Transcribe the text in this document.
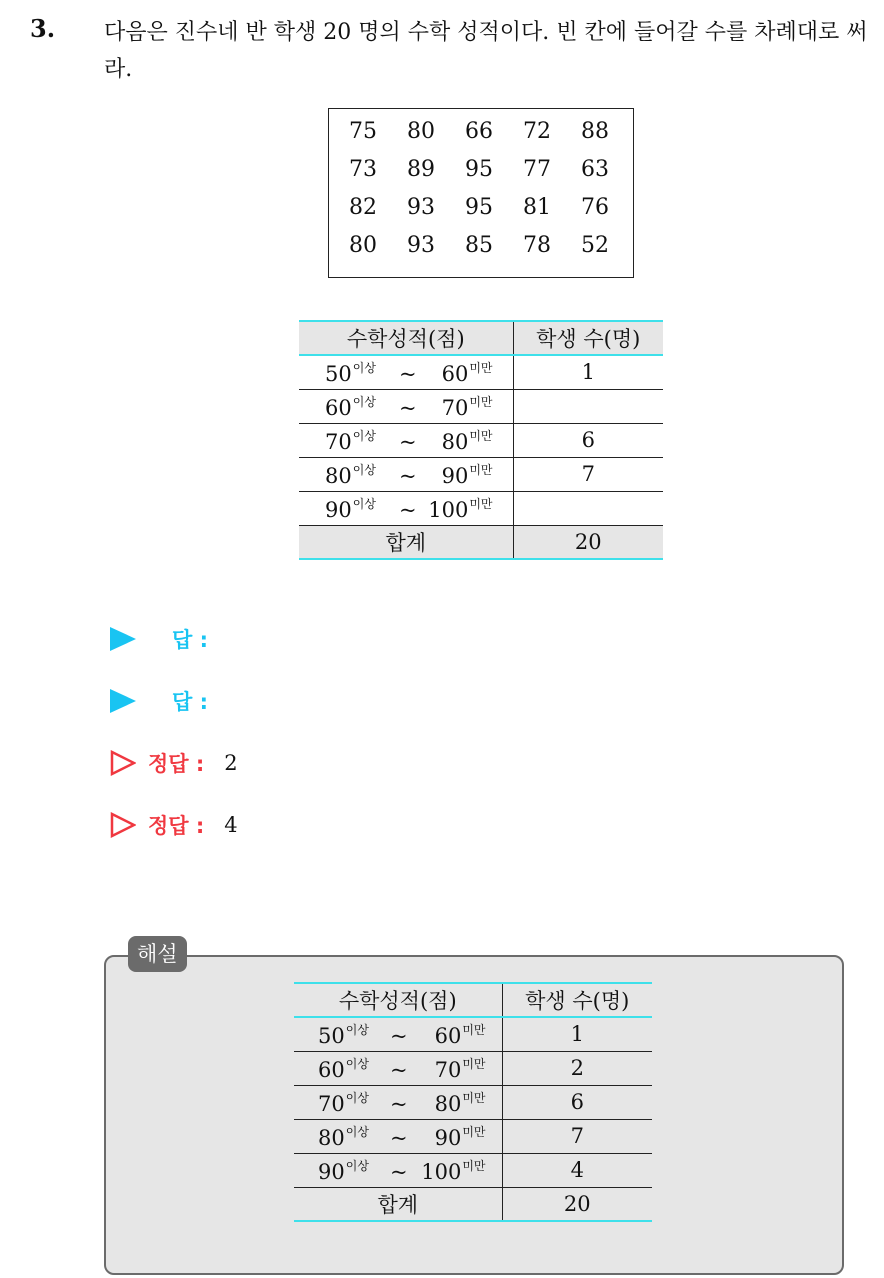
3. 다음은 진수네 반 학생 20 명의 수학 성적이다. 빈 칸에 들어갈 수를 차례대로 써라.
75	80	66	72	88
73	89	95	77	63
82	93	95	81	76
80	93	85	78	52
수학성적(점)	학생 수(명)

$50^{이상}$ ~ $60^{미만}$	1

$60^{이상}$ ~ $70^{미만}$

$70^{이상}$ ~ $80^{미만}$	6

$80^{이상}$ ~ $90^{미만}$	7

$90^{이상}$ ~ $100^{미만}$

합계	20
답 :
답 :
정답 : 2
정답 : 4
해설
수학성적(점)	학생 수(명)

$50^{이상}$ ~ $60^{미만}$	1

$60^{이상}$ ~ $70^{미만}$	2

$70^{이상}$ ~ $80^{미만}$	6

$80^{이상}$ ~ $90^{미만}$	7

$90^{이상}$ ~ $100^{미만}$	4
합계	20
